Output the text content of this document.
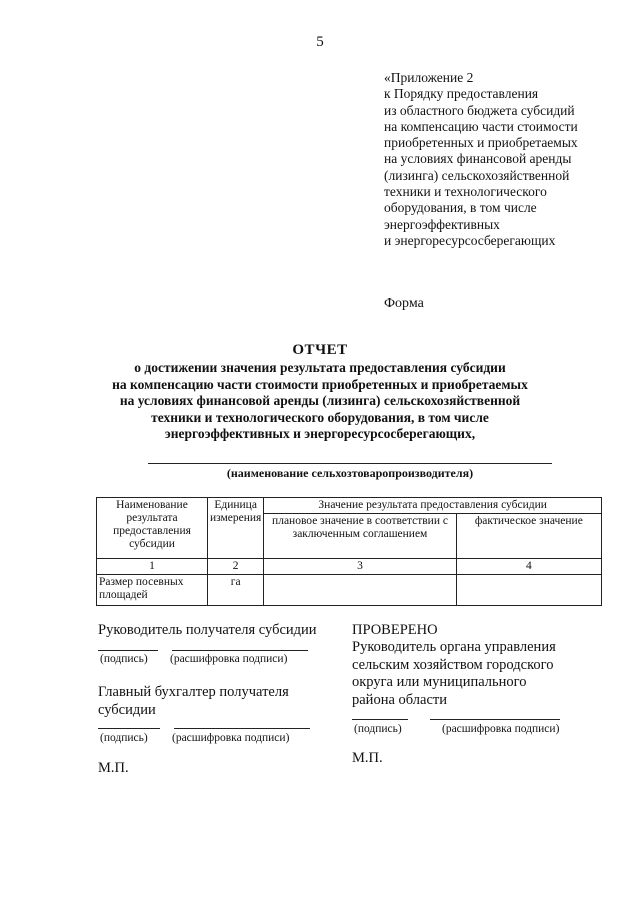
5
«Приложение 2
к Порядку предоставления
из областного бюджета субсидий
на компенсацию части стоимости
приобретенных и приобретаемых
на условиях финансовой аренды
(лизинга) сельскохозяйственной
техники и технологического
оборудования, в том числе
энергоэффективных
и энергоресурсосберегающих
Форма
ОТЧЕТ
о достижении значения результата предоставления субсидии
на компенсацию части стоимости приобретенных и приобретаемых
на условиях финансовой аренды (лизинга) сельскохозяйственной
техники и технологического оборудования, в том числе
энергоэффективных и энергоресурсосберегающих,
(наименование сельхозтоваропроизводителя)
Наименование результата предоставления субсидии	Единица измерения	Значение результата предоставления субсидии	
		плановое значение в соответствии с заключенным соглашением	фактическое значение
1	2	3	4
Размер посевных площадей	га		
Руководитель получателя субсидии
(подпись) (расшифровка подписи)
Главный бухгалтер получателя
субсидии
(подпись) (расшифровка подписи)
М.П.
ПРОВЕРЕНО
Руководитель органа управления
сельским хозяйством городского
округа или муниципального
района области
(подпись)	(расшифровка подписи)
М.П.
